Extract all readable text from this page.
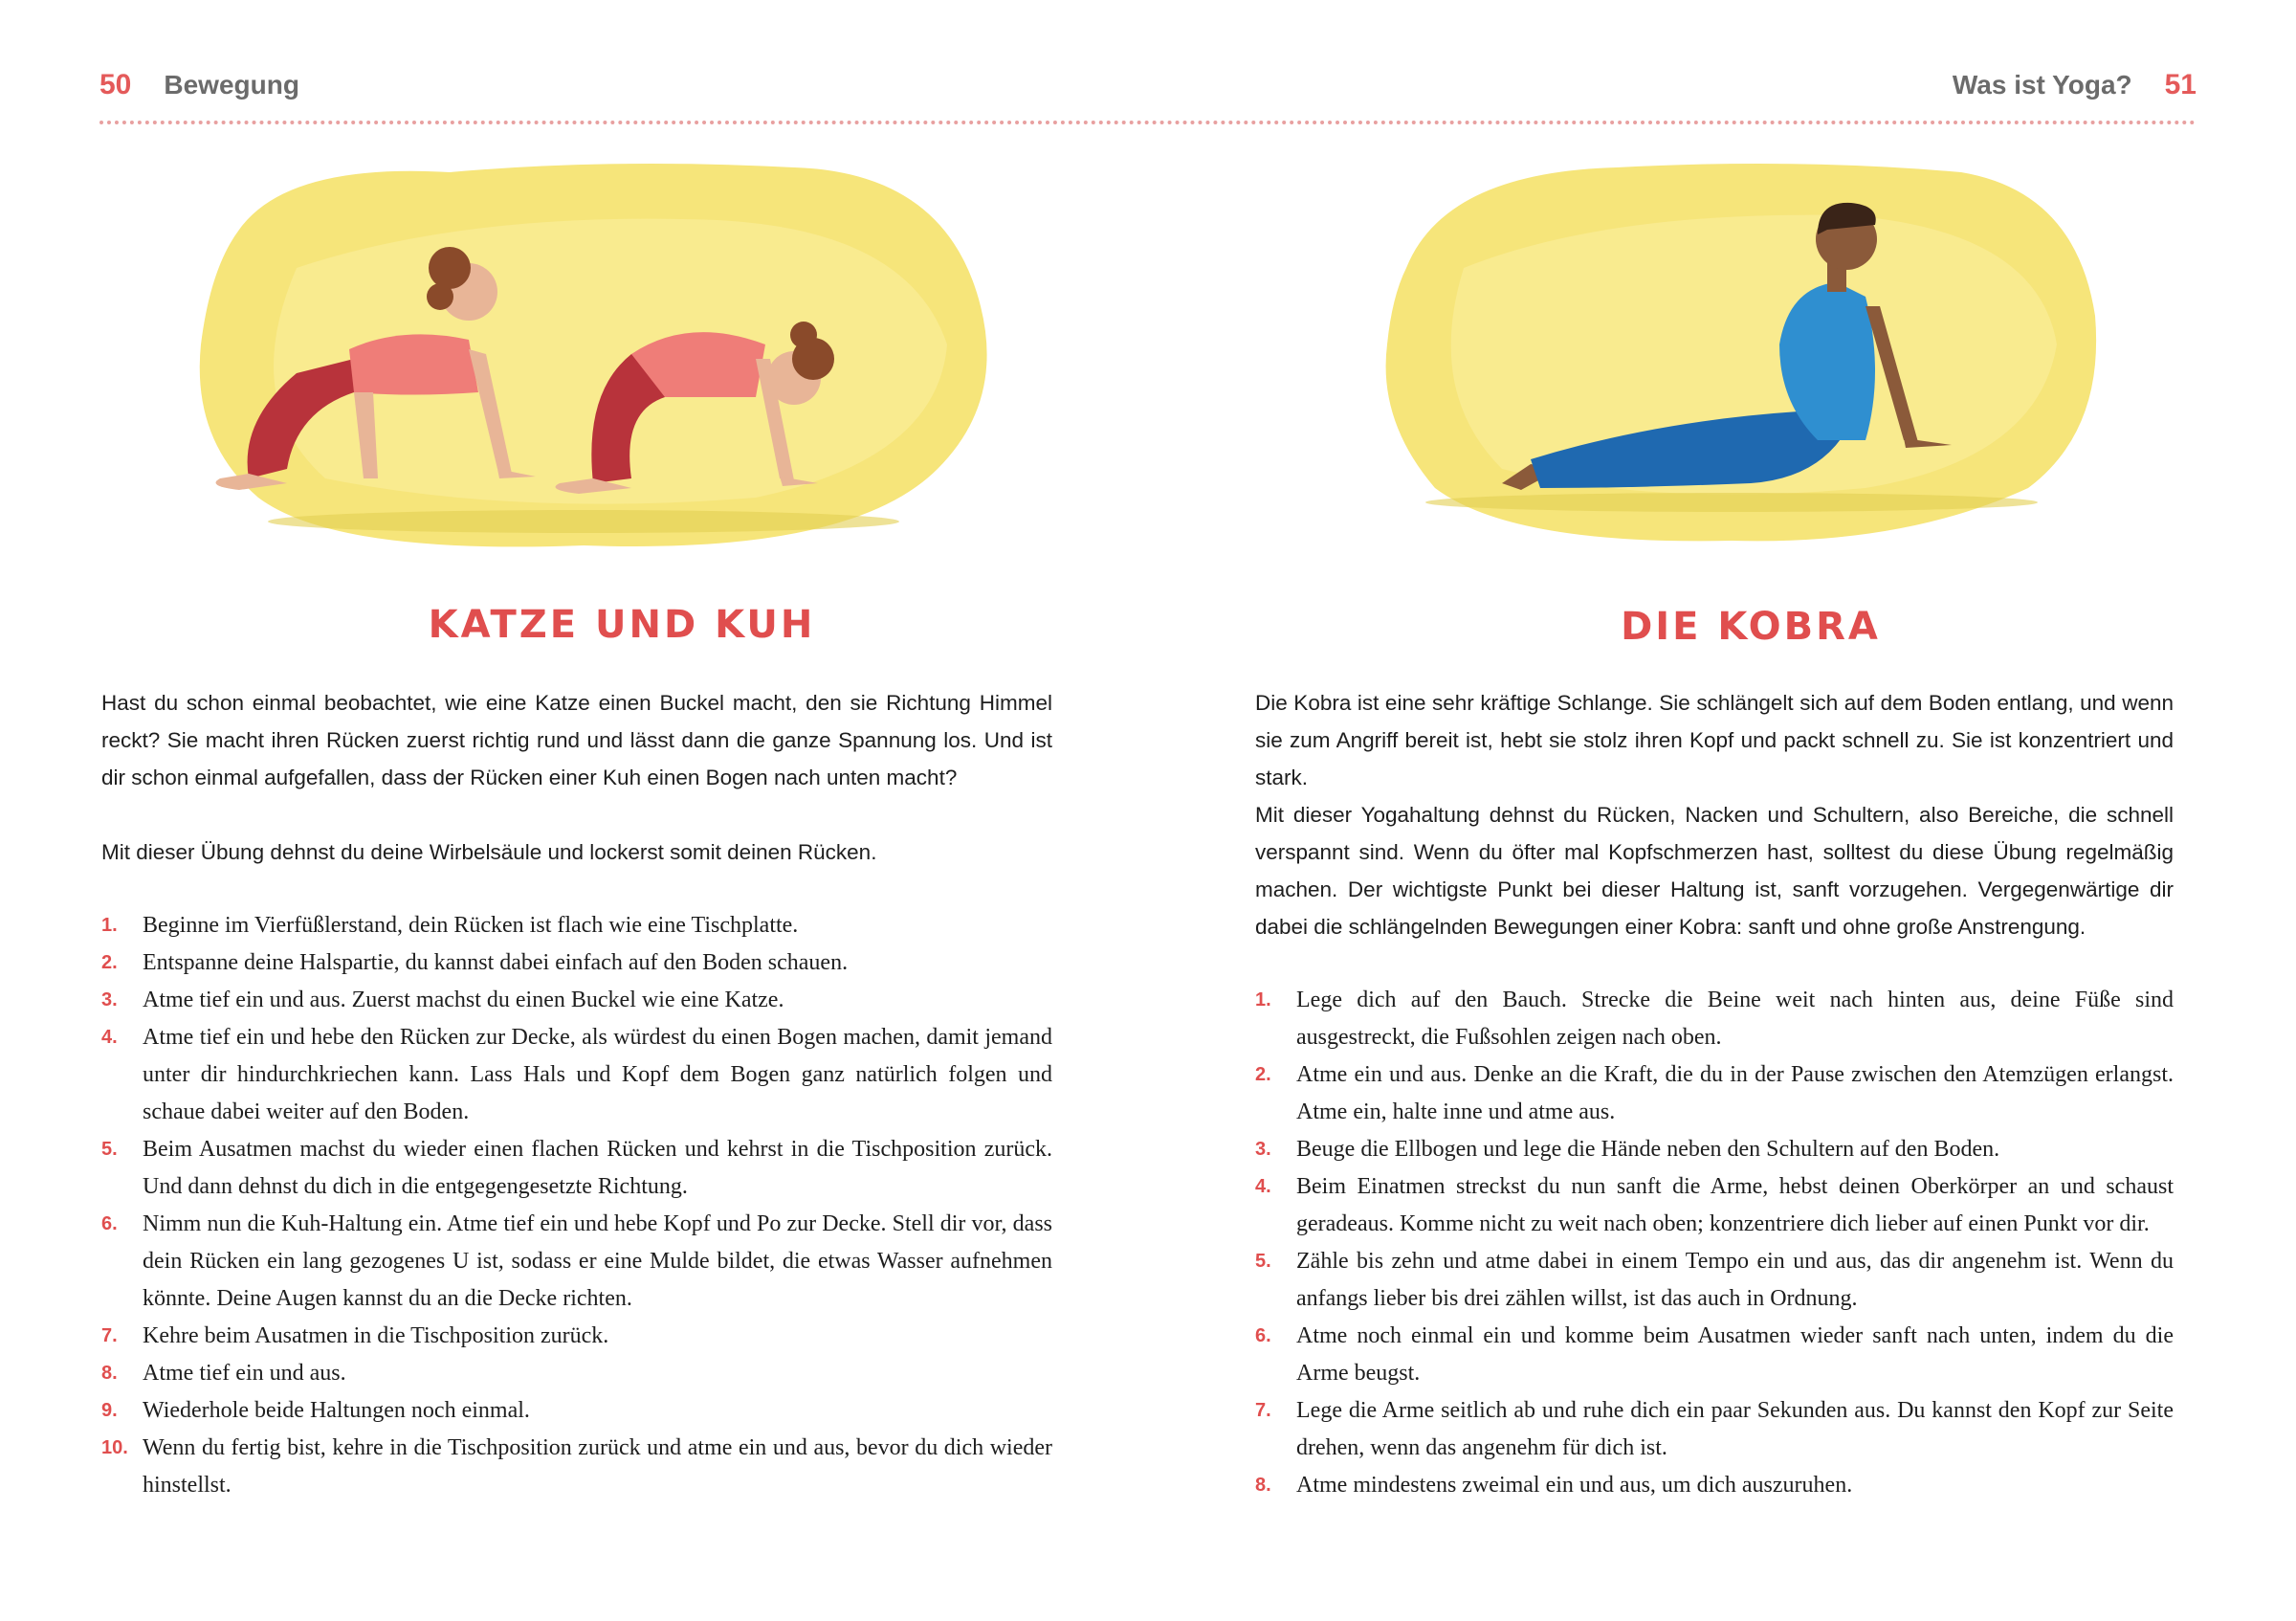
50 Bewegung	Was ist Yoga? 51
KATZE UND KUH	DIE KOBRA
Hast du schon einmal beobachtet, wie eine Katze einen Buckel macht, den sie Richtung Himmel reckt? Sie macht ihren Rücken zuerst richtig rund und lässt dann die ganze Spannung los. Und ist dir schon einmal aufgefallen, dass der Rücken einer Kuh einen Bogen nach unten macht?
Mit dieser Übung dehnst du deine Wirbelsäule und lockerst somit deinen Rücken.
1. Beginne im Vierfüßlerstand, dein Rücken ist flach wie eine Tischplatte.
2. Entspanne deine Halspartie, du kannst dabei einfach auf den Boden schauen.
3. Atme tief ein und aus. Zuerst machst du einen Buckel wie eine Katze.
4. Atme tief ein und hebe den Rücken zur Decke, als würdest du einen Bogen machen, damit jemand unter dir hindurchkriechen kann. Lass Hals und Kopf dem Bogen ganz natürlich folgen und schaue dabei weiter auf den Boden.
5. Beim Ausatmen machst du wieder einen flachen Rücken und kehrst in die Tischposition zurück. Und dann dehnst du dich in die entgegengesetzte Richtung.
6. Nimm nun die Kuh-Haltung ein. Atme tief ein und hebe Kopf und Po zur Decke. Stell dir vor, dass dein Rücken ein lang gezogenes U ist, sodass er eine Mulde bildet, die etwas Wasser aufnehmen könnte. Deine Augen kannst du an die Decke richten.
7. Kehre beim Ausatmen in die Tischposition zurück.
8. Atme tief ein und aus.
9. Wiederhole beide Haltungen noch einmal.
10. Wenn du fertig bist, kehre in die Tischposition zurück und atme ein und aus, bevor du dich wieder hinstellst.
Die Kobra ist eine sehr kräftige Schlange. Sie schlängelt sich auf dem Boden entlang, und wenn sie zum Angriff bereit ist, hebt sie stolz ihren Kopf und packt schnell zu. Sie ist konzentriert und stark.
Mit dieser Yogahaltung dehnst du Rücken, Nacken und Schultern, also Bereiche, die schnell verspannt sind. Wenn du öfter mal Kopfschmerzen hast, solltest du diese Übung regelmäßig machen. Der wichtigste Punkt bei dieser Haltung ist, sanft vorzugehen. Vergegenwärtige dir dabei die schlängelnden Bewegungen einer Kobra: sanft und ohne große Anstrengung.
1. Lege dich auf den Bauch. Strecke die Beine weit nach hinten aus, deine Füße sind ausgestreckt, die Fußsohlen zeigen nach oben.
2. Atme ein und aus. Denke an die Kraft, die du in der Pause zwischen den Atemzügen erlangst. Atme ein, halte inne und atme aus.
3. Beuge die Ellbogen und lege die Hände neben den Schultern auf den Boden.
4. Beim Einatmen streckst du nun sanft die Arme, hebst deinen Oberkörper an und schaust geradeaus. Komme nicht zu weit nach oben; konzentriere dich lieber auf einen Punkt vor dir.
5. Zähle bis zehn und atme dabei in einem Tempo ein und aus, das dir angenehm ist. Wenn du anfangs lieber bis drei zählen willst, ist das auch in Ordnung.
6. Atme noch einmal ein und komme beim Ausatmen wieder sanft nach unten, indem du die Arme beugst.
7. Lege die Arme seitlich ab und ruhe dich ein paar Sekunden aus. Du kannst den Kopf zur Seite drehen, wenn das angenehm für dich ist.
8. Atme mindestens zweimal ein und aus, um dich auszuruhen.
